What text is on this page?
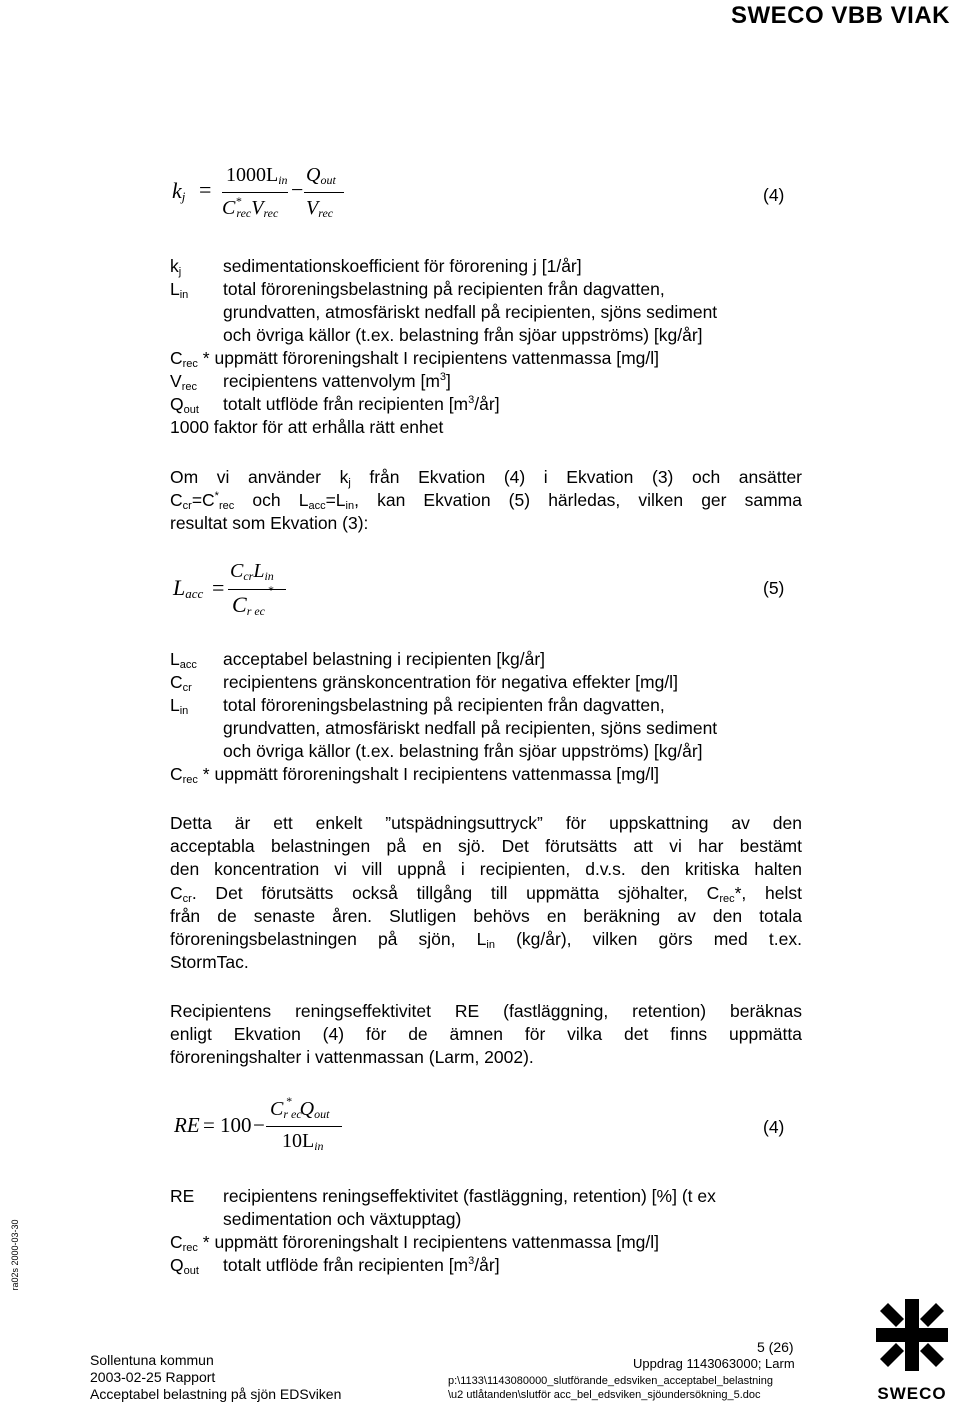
SWECO VBB VIAK
ra02s 2000-03-30
$k_j$ =
$1000L_{in}$
$C^*_{rec}V_{rec}$
−
$Q_{out}$
$V_{rec}$
(4)
$k_j$ sedimentationskoefficient för förorening j [1/år]
$L_{in}$ total föroreningsbelastning på recipienten från dagvatten,
grundvatten, atmosfäriskt nedfall på recipienten, sjöns sediment
och övriga källor (t.ex. belastning från sjöar uppströms) [kg/år]
$C_{rec}$ * uppmätt föroreningshalt I recipientens vattenmassa [mg/l]
$V_{rec}$ recipientens vattenvolym $[m^3]$
$Q_{out}$ totalt utflöde från recipienten $[m^3/år]$
1000 faktor för att erhålla rätt enhet
Om vi använder $k_j$ från Ekvation (4) i Ekvation (3) och ansätter
$C_{cr}=C^*_{rec}$ och $L_{acc}=L_{in}$, kan Ekvation (5) härledas, vilken ger samma
resultat som Ekvation (3):
$L_{acc}$ =
$C_{cr}L_{in}$
*
$C_{r ec}$
(5)
$L_{acc}$ acceptabel belastning i recipienten [kg/år]
$C_{cr}$ recipientens gränskoncentration för negativa effekter [mg/l]
$L_{in}$ total föroreningsbelastning på recipienten från dagvatten,
grundvatten, atmosfäriskt nedfall på recipienten, sjöns sediment
och övriga källor (t.ex. belastning från sjöar uppströms) [kg/år]
$C_{rec}$ * uppmätt föroreningshalt I recipientens vattenmassa [mg/l]
Detta är ett enkelt ”utspädningsuttryck” för uppskattning av den
acceptabla belastningen på en sjö. Det förutsätts att vi har bestämt
den koncentration vi vill uppnå i recipienten, d.v.s. den kritiska halten
$C_{cr}$. Det förutsätts också tillgång till uppmätta sjöhalter, $C_{rec}*$, helst
från de senaste åren. Slutligen behövs en beräkning av den totala
föroreningsbelastningen på sjön, $L_{in}$ (kg/år), vilken görs med t.ex.
StormTac.
Recipientens reningseffektivitet RE (fastläggning, retention) beräknas
enligt Ekvation (4) för de ämnen för vilka det finns uppmätta
föroreningshalter i vattenmassan (Larm, 2002).
RE = 100 −
$C_{r ec}^*$ $Q_{out}$
$10L_{in}$
(4)
RE recipientens reningseffektivitet (fastläggning, retention) [%] (t ex
sedimentation och växtupptag)
$C_{rec}$ * uppmätt föroreningshalt I recipientens vattenmassa [mg/l]
$Q_{out}$ totalt utflöde från recipienten $[m^3/år]$
5 (26)
Sollentuna kommun
2003-02-25 Rapport
Acceptabel belastning på sjön EDSviken
Uppdrag 1143063000; Larm
p:\1133\1143080000_slutförande_edsviken_acceptabel_belastning
\u2 utlåtanden\slutför acc_bel_edsviken_sjöundersökning_5.doc	SWECO
